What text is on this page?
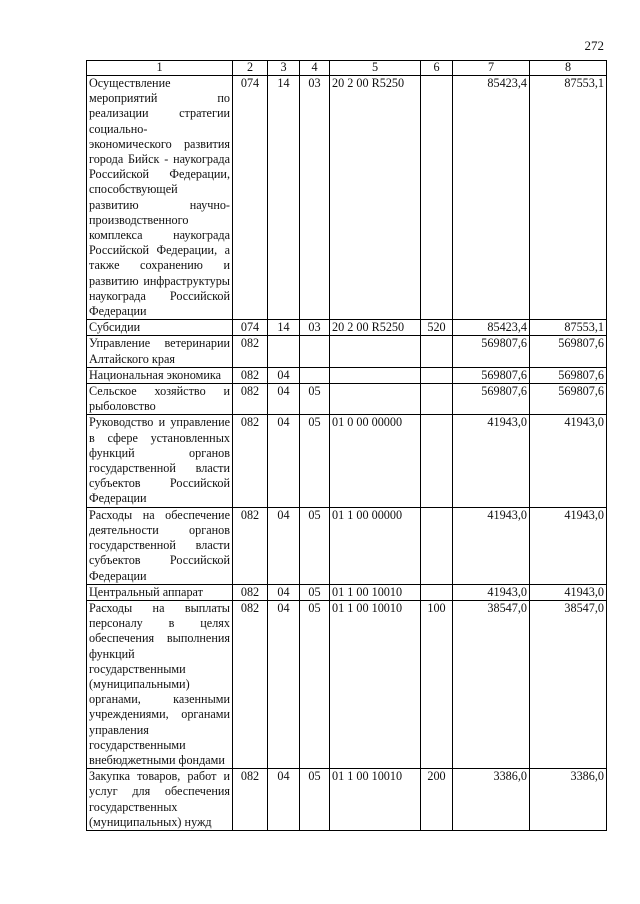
272
1	2	3	4	5	6	7	8
Осуществление мероприятий по реализации стратегии социально-экономического развития города Бийск - наукограда Российской Федерации, способствующей развитию научно-производственного комплекса наукограда Российской Федерации, а также сохранению и развитию инфраструктуры наукограда Российской Федерации	074	14	03	20 2 00 R5250		85423,4	87553,1
Субсидии	074	14	03	20 2 00 R5250	520	85423,4	87553,1
Управление ветеринарии Алтайского края	082					569807,6	569807,6
Национальная экономика	082	04				569807,6	569807,6
Сельское хозяйство и рыболовство	082	04	05			569807,6	569807,6
Руководство и управление в сфере установленных функций органов государственной власти субъектов Российской Федерации	082	04	05	01 0 00 00000		41943,0	41943,0
Расходы на обеспечение деятельности органов государственной власти субъектов Российской Федерации	082	04	05	01 1 00 00000		41943,0	41943,0
Центральный аппарат	082	04	05	01 1 00 10010		41943,0	41943,0
Расходы на выплаты персоналу в целях обеспечения выполнения функций государственными (муниципальными) органами, казенными учреждениями, органами управления государственными внебюджетными фондами	082	04	05	01 1 00 10010	100	38547,0	38547,0
Закупка товаров, работ и услуг для обеспечения государственных (муниципальных) нужд	082	04	05	01 1 00 10010	200	3386,0	3386,0
